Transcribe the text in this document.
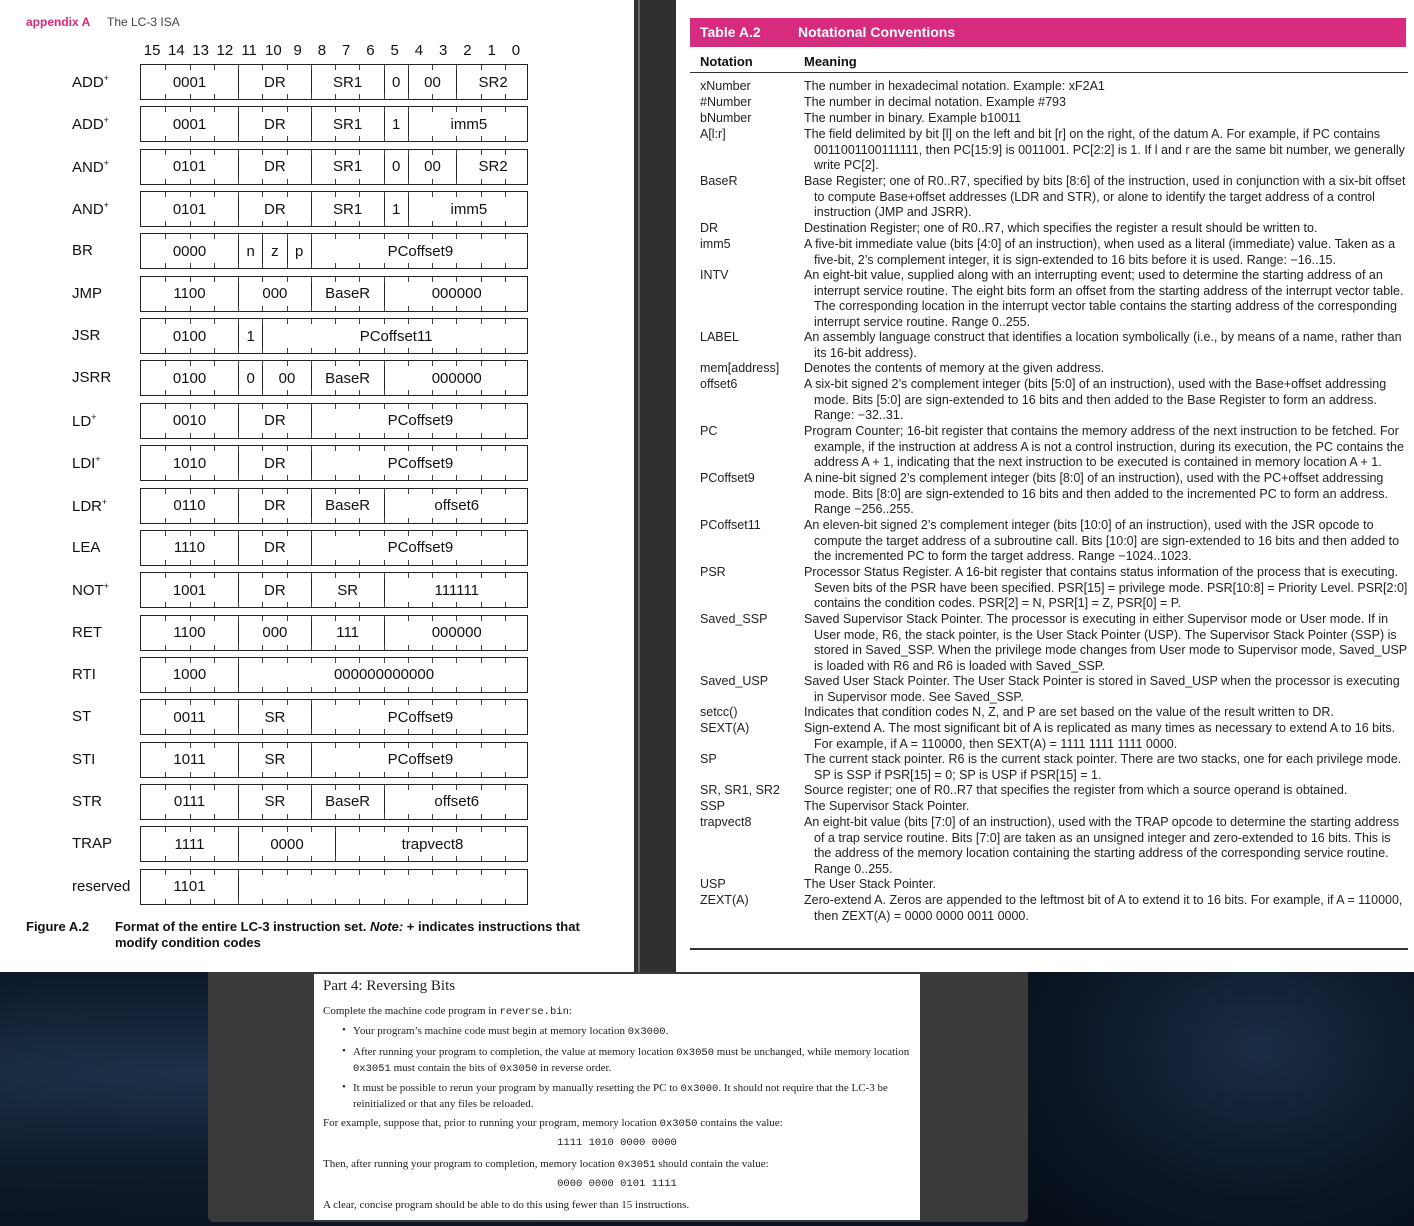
appendix A The LC-3 ISA
15 14 13 12 11 10 9	8	7	6	5	4	3	2	1	0
ADD+	0001	DR	SR1	0	00	SR2
ADD+	0001	DR	SR1	1	imm5
AND+	0101	DR	SR1	0	00	SR2
AND+	0101	DR	SR1	1	imm5
BR	0000	n	z	p	PCoffset9
JMP	1100	000	BaseR	000000
JSR	0100	1	PCoffset11
JSRR	0100	0	00	BaseR	000000
LD+	0010	DR	PCoffset9
LDI+	1010	DR	PCoffset9
LDR+	0110	DR	BaseR	offset6
LEA	1110	DR	PCoffset9
NOT+	1001	DR	SR	111111
RET	1100	000	111	000000
RTI	1000	000000000000
ST	0011	SR	PCoffset9
STI	1011	SR	PCoffset9
STR	0111	SR	BaseR	offset6
TRAP	1111	0000	trapvect8
reserved	1101
Figure A.2 Format of the entire LC-3 instruction set. Note: + indicates instructions that modify condition codes
Table A.2	Notational Conventions
Notation	Meaning
xNumber	The number in hexadecimal notation. Example: xF2A1
#Number	The number in decimal notation. Example #793
bNumber	The number in binary. Example b10011
A[l:r]	The field delimited by bit [l] on the left and bit [r] on the right, of the datum A. For example, if PC contains 0011001100111111, then PC[15:9] is 0011001. PC[2:2] is 1. If l and r are the same bit number, we generally write PC[2].
BaseR	Base Register; one of R0..R7, specified by bits [8:6] of the instruction, used in conjunction with a six-bit offset to compute Base+offset addresses (LDR and STR), or alone to identify the target address of a control instruction (JMP and JSRR).
DR	Destination Register; one of R0..R7, which specifies the register a result should be written to.
imm5	A five-bit immediate value (bits [4:0] of an instruction), when used as a literal (immediate) value. Taken as a five-bit, 2’s complement integer, it is sign-extended to 16 bits before it is used. Range: −16..15.
INTV	An eight-bit value, supplied along with an interrupting event; used to determine the starting address of an interrupt service routine. The eight bits form an offset from the starting address of the interrupt vector table. The corresponding location in the interrupt vector table contains the starting address of the corresponding interrupt service routine. Range 0..255.
LABEL	An assembly language construct that identifies a location symbolically (i.e., by means of a name, rather than its 16-bit address).
mem[address] Denotes the contents of memory at the given address.
offset6	A six-bit signed 2’s complement integer (bits [5:0] of an instruction), used with the Base+offset addressing mode. Bits [5:0] are sign-extended to 16 bits and then added to the Base Register to form an address. Range: −32..31.
PC	Program Counter; 16-bit register that contains the memory address of the next instruction to be fetched. For example, if the instruction at address A is not a control instruction, during its execution, the PC contains the address A + 1, indicating that the next instruction to be executed is contained in memory location A + 1.
PCoffset9	A nine-bit signed 2’s complement integer (bits [8:0] of an instruction), used with the PC+offset addressing mode. Bits [8:0] are sign-extended to 16 bits and then added to the incremented PC to form an address. Range −256..255.
PCoffset11	An eleven-bit signed 2’s complement integer (bits [10:0] of an instruction), used with the JSR opcode to compute the target address of a subroutine call. Bits [10:0] are sign-extended to 16 bits and then added to the incremented PC to form the target address. Range −1024..1023.
PSR	Processor Status Register. A 16-bit register that contains status information of the process that is executing. Seven bits of the PSR have been specified. PSR[15] = privilege mode. PSR[10:8] = Priority Level. PSR[2:0] contains the condition codes. PSR[2] = N, PSR[1] = Z, PSR[0] = P.
Saved_SSP	Saved Supervisor Stack Pointer. The processor is executing in either Supervisor mode or User mode. If in User mode, R6, the stack pointer, is the User Stack Pointer (USP). The Supervisor Stack Pointer (SSP) is stored in Saved_SSP. When the privilege mode changes from User mode to Supervisor mode, Saved_USP is loaded with R6 and R6 is loaded with Saved_SSP.
Saved_USP	Saved User Stack Pointer. The User Stack Pointer is stored in Saved_USP when the processor is executing in Supervisor mode. See Saved_SSP.
setcc()	Indicates that condition codes N, Z, and P are set based on the value of the result written to DR.
SEXT(A)	Sign-extend A. The most significant bit of A is replicated as many times as necessary to extend A to 16 bits. For example, if A = 110000, then SEXT(A) = 1111 1111 1111 0000.
SP	The current stack pointer. R6 is the current stack pointer. There are two stacks, one for each privilege mode. SP is SSP if PSR[15] = 0; SP is USP if PSR[15] = 1.
SR, SR1, SR2 Source register; one of R0..R7 that specifies the register from which a source operand is obtained.
SSP	The Supervisor Stack Pointer.
trapvect8	An eight-bit value (bits [7:0] of an instruction), used with the TRAP opcode to determine the starting address of a trap service routine. Bits [7:0] are taken as an unsigned integer and zero-extended to 16 bits. This is the address of the memory location containing the starting address of the corresponding service routine. Range 0..255.
USP	The User Stack Pointer.
ZEXT(A)	Zero-extend A. Zeros are appended to the leftmost bit of A to extend it to 16 bits. For example, if A = 110000, then ZEXT(A) = 0000 0000 0011 0000.
Part 4: Reversing Bits
Complete the machine code program in reverse.bin:
• Your program’s machine code must begin at memory location 0x3000.
• After running your program to completion, the value at memory location 0x3050 must be unchanged, while memory location 0x3051 must contain the bits of 0x3050 in reverse order.
• It must be possible to rerun your program by manually resetting the PC to 0x3000. It should not require that the LC-3 be reinitialized or that any files be reloaded.
For example, suppose that, prior to running your program, memory location 0x3050 contains the value:
1111 1010 0000 0000
Then, after running your program to completion, memory location 0x3051 should contain the value:
0000 0000 0101 1111
A clear, concise program should be able to do this using fewer than 15 instructions.
